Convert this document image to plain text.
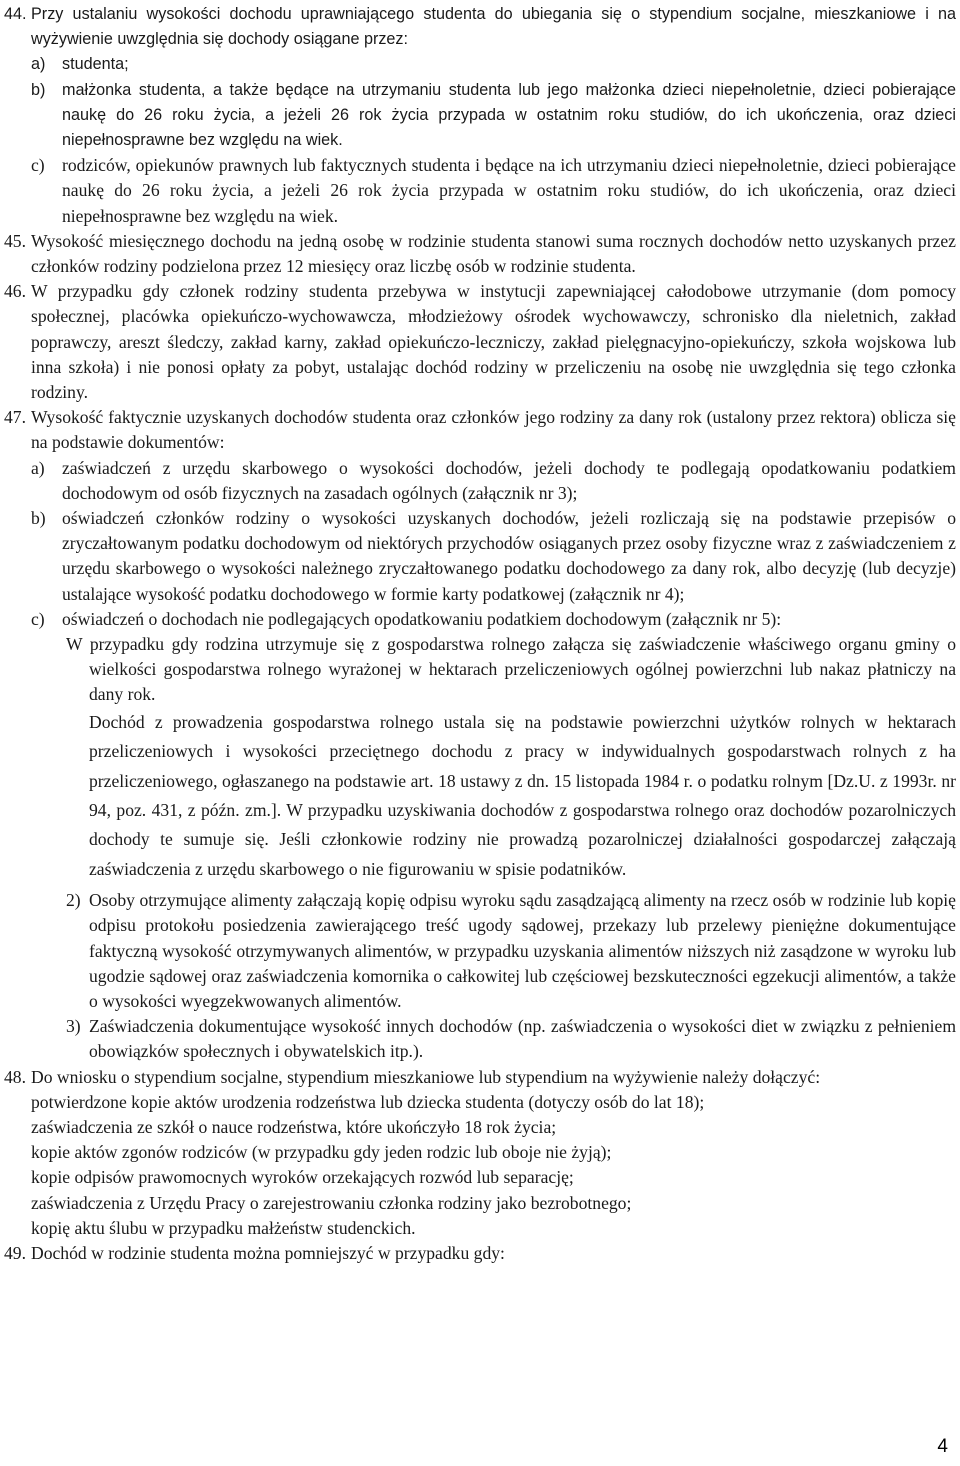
44. Przy ustalaniu wysokości dochodu uprawniającego studenta do ubiegania się o stypendium socjalne, mieszkaniowe i na wyżywienie uwzględnia się dochody osiągane przez:
a) studenta;
b) małżonka studenta, a także będące na utrzymaniu studenta lub jego małżonka dzieci niepełnoletnie, dzieci pobierające naukę do 26 roku życia, a jeżeli 26 rok życia przypada w ostatnim roku studiów, do ich ukończenia, oraz dzieci niepełnosprawne bez względu na wiek.
c) rodziców, opiekunów prawnych lub faktycznych studenta i będące na ich utrzymaniu dzieci niepełnoletnie, dzieci pobierające naukę do 26 roku życia, a jeżeli 26 rok życia przypada w ostatnim roku studiów, do ich ukończenia, oraz dzieci niepełnosprawne bez względu na wiek.
45. Wysokość miesięcznego dochodu na jedną osobę w rodzinie studenta stanowi suma rocznych dochodów netto uzyskanych przez członków rodziny podzielona przez 12 miesięcy oraz liczbę osób w rodzinie studenta.
46. W przypadku gdy członek rodziny studenta przebywa w instytucji zapewniającej całodobowe utrzymanie (dom pomocy społecznej, placówka opiekuńczo-wychowawcza, młodzieżowy ośrodek wychowawczy, schronisko dla nieletnich, zakład poprawczy, areszt śledczy, zakład karny, zakład opiekuńczo-leczniczy, zakład pielęgnacyjno-opiekuńczy, szkoła wojskowa lub inna szkoła) i nie ponosi opłaty za pobyt, ustalając dochód rodziny w przeliczeniu na osobę nie uwzględnia się tego członka rodziny.
47. Wysokość faktycznie uzyskanych dochodów studenta oraz członków jego rodziny za dany rok (ustalony przez rektora) oblicza się na podstawie dokumentów:
a) zaświadczeń z urzędu skarbowego o wysokości dochodów, jeżeli dochody te podlegają opodatkowaniu podatkiem dochodowym od osób fizycznych na zasadach ogólnych (załącznik nr 3);
b) oświadczeń członków rodziny o wysokości uzyskanych dochodów, jeżeli rozliczają się na podstawie przepisów o zryczałtowanym podatku dochodowym od niektórych przychodów osiąganych przez osoby fizyczne wraz z zaświadczeniem z urzędu skarbowego o wysokości należnego zryczałtowanego podatku dochodowego za dany rok, albo decyzję (lub decyzje) ustalające wysokość podatku dochodowego w formie karty podatkowej (załącznik nr 4);
c) oświadczeń o dochodach nie podlegających opodatkowaniu podatkiem dochodowym (załącznik nr 5):
W przypadku gdy rodzina utrzymuje się z gospodarstwa rolnego załącza się zaświadczenie właściwego organu gminy o wielkości gospodarstwa rolnego wyrażonej w hektarach przeliczeniowych ogólnej powierzchni lub nakaz płatniczy na dany rok.
Dochód z prowadzenia gospodarstwa rolnego ustala się na podstawie powierzchni użytków rolnych w hektarach przeliczeniowych i wysokości przeciętnego dochodu z pracy w indywidualnych gospodarstwach rolnych z ha przeliczeniowego, ogłaszanego na podstawie art. 18 ustawy z dn. 15 listopada 1984 r. o podatku rolnym [Dz.U. z 1993r. nr 94, poz. 431, z późn. zm.]. W przypadku uzyskiwania dochodów z gospodarstwa rolnego oraz dochodów pozarolniczych dochody te sumuje się. Jeśli członkowie rodziny nie prowadzą pozarolniczej działalności gospodarczej załączają zaświadczenia z urzędu skarbowego o nie figurowaniu w spisie podatników.
2) Osoby otrzymujące alimenty załączają kopię odpisu wyroku sądu zasądzającą alimenty na rzecz osób w rodzinie lub kopię odpisu protokołu posiedzenia zawierającego treść ugody sądowej, przekazy lub przelewy pieniężne dokumentujące faktyczną wysokość otrzymywanych alimentów, w przypadku uzyskania alimentów niższych niż zasądzone w wyroku lub ugodzie sądowej oraz zaświadczenia komornika o całkowitej lub częściowej bezskuteczności egzekucji alimentów, a także o wysokości wyegzekwowanych alimentów.
3) Zaświadczenia dokumentujące wysokość innych dochodów (np. zaświadczenia o wysokości diet w związku z pełnieniem obowiązków społecznych i obywatelskich itp.).
48. Do wniosku o stypendium socjalne, stypendium mieszkaniowe lub stypendium na wyżywienie należy dołączyć:
potwierdzone kopie aktów urodzenia rodzeństwa lub dziecka studenta (dotyczy osób do lat 18);
zaświadczenia ze szkół o nauce rodzeństwa, które ukończyło 18 rok życia;
kopie aktów zgonów rodziców (w przypadku gdy jeden rodzic lub oboje nie żyją);
kopie odpisów prawomocnych wyroków orzekających rozwód lub separację;
zaświadczenia z Urzędu Pracy o zarejestrowaniu członka rodziny jako bezrobotnego;
kopię aktu ślubu w przypadku małżeństw studenckich.
49. Dochód w rodzinie studenta można pomniejszyć w przypadku gdy:
4
